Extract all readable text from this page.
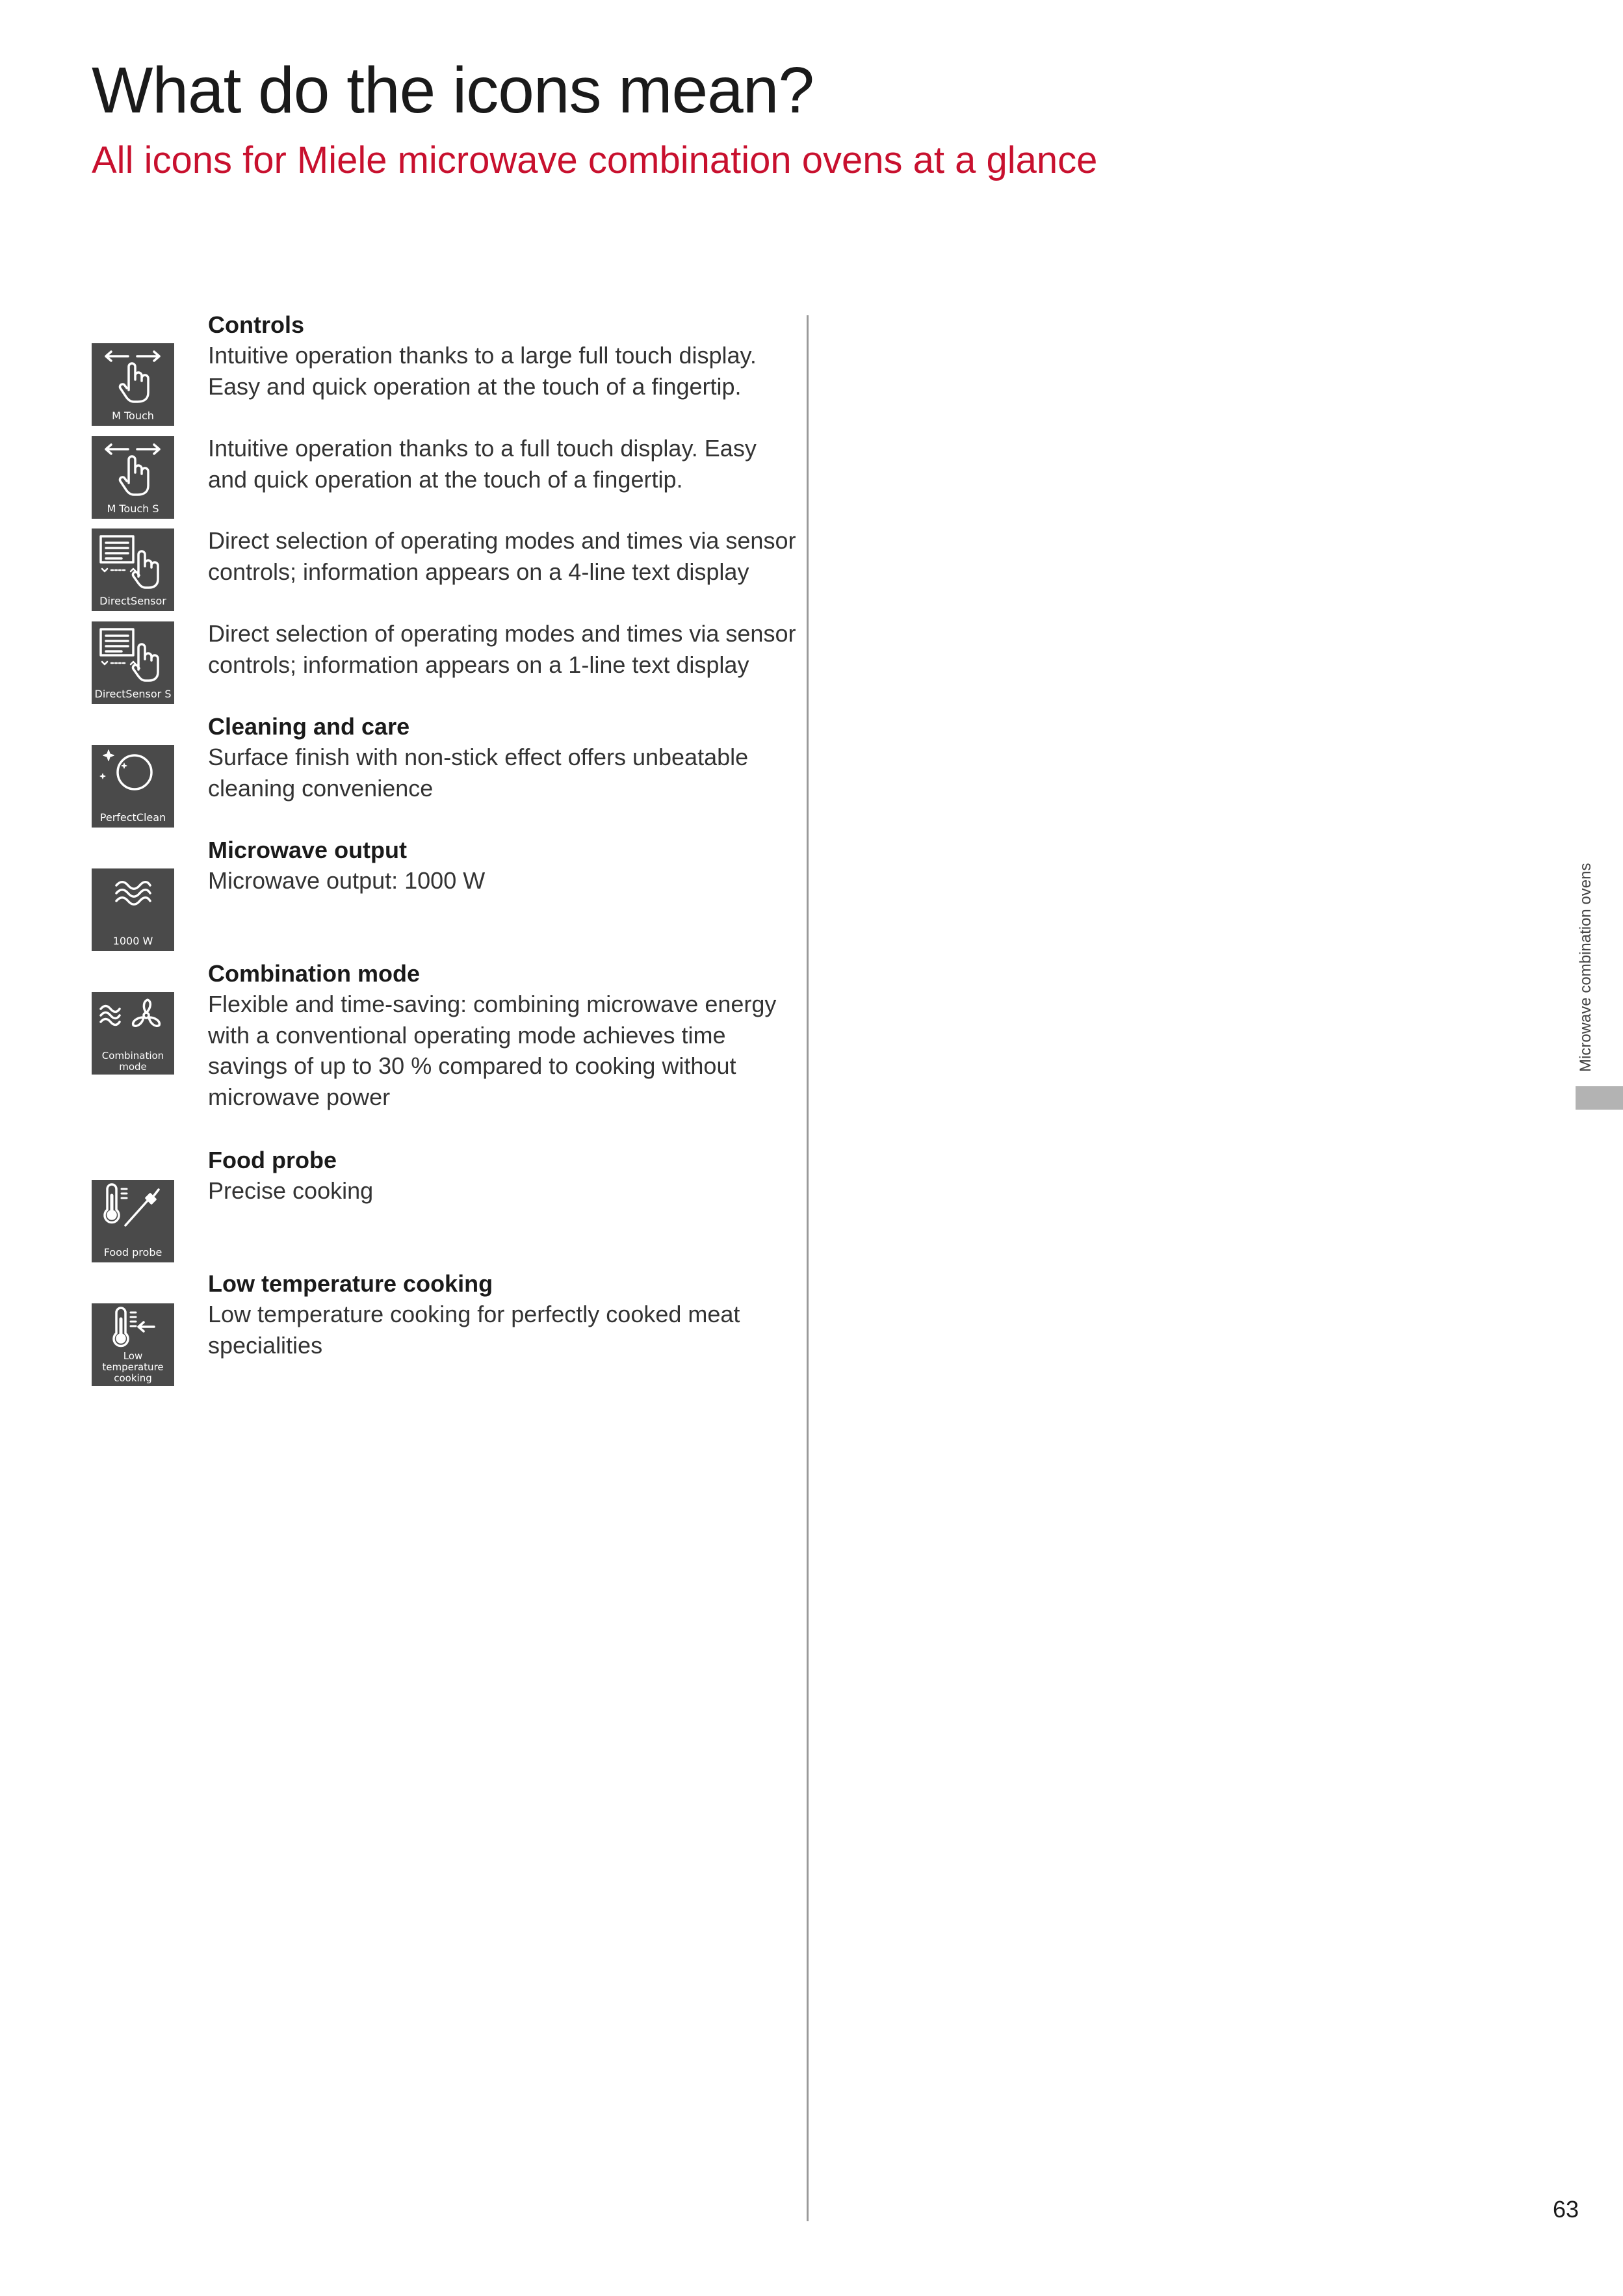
What do the icons mean?
All icons for Miele microwave combination ovens at a glance

Controls

M Touch

Intuitive operation thanks to a large full touch display. Easy and quick operation at the touch of a fingertip.

M Touch S

Intuitive operation thanks to a full touch display. Easy and quick operation at the touch of a fingertip.

DirectSensor

Direct selection of operating modes and times via sensor controls; information appears on a 4-line text display

DirectSensor S

Direct selection of operating modes and times via sensor controls; information appears on a 1-line text display

Cleaning and care

PerfectClean

Surface finish with non-stick effect offers unbeatable cleaning convenience

Microwave output

1000 W

Microwave output: 1000 W

Combination mode

Combination mode

Flexible and time-saving: combining microwave energy with a conventional operating mode achieves time savings of up to 30 % compared to cooking without microwave power

Food probe

Food probe

Precise cooking

Low temperature cooking

Low temperature cooking

Low temperature cooking for perfectly cooked meat specialities

Microwave combination ovens
63
